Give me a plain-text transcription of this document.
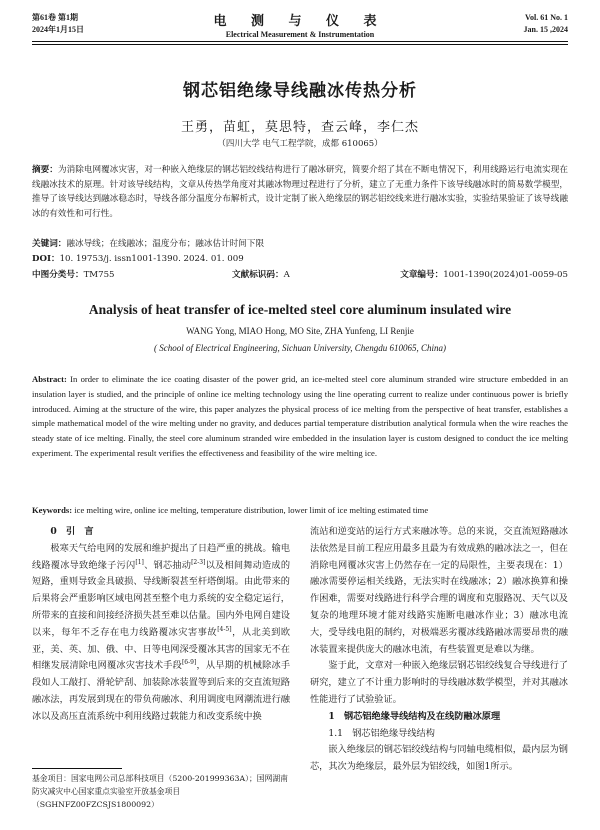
第61卷 第1期
2024年1月15日
电 测 与 仪 表
Electrical Measurement & Instrumentation
Vol. 61 No. 1
Jan. 15 ,2024
钢芯铝绝缘导线融冰传热分析
王勇，苗虹，莫思特，查云峰，李仁杰
（四川大学 电气工程学院，成都 610065）
摘要：为消除电网覆冰灾害，对一种嵌入绝缘层的钢芯铝绞线结构进行了融冰研究，简要介绍了其在不断电情况下，利用线路运行电流实现在线融冰技术的原理。针对该导线结构，文章从传热学角度对其融冰物理过程进行了分析，建立了无重力条件下该导线融冰时的简易数学模型，推导了该导线达到融冰稳态时，导线各部分温度分布解析式，设计定制了嵌入绝缘层的钢芯铝绞线来进行融冰实验，实验结果验证了该导线融冰的有效性和可行性。
关键词：融冰导线；在线融冰；温度分布；融冰估计时间下限
DOI：10. 19753/j. issn1001-1390. 2024. 01. 009
中图分类号：TM755	文献标识码：A	文章编号：1001-1390(2024)01-0059-05
Analysis of heat transfer of ice-melted steel core aluminum insulated wire
WANG Yong, MIAO Hong, MO Site, ZHA Yunfeng, LI Renjie
( School of Electrical Engineering, Sichuan University, Chengdu 610065, China)
Abstract: In order to eliminate the ice coating disaster of the power grid, an ice-melted steel core aluminum stranded wire structure embedded in an insulation layer is studied, and the principle of online ice melting technology using the line operating current to realize under continuous power is briefly introduced. Aiming at the structure of the wire, this paper analyzes the physical process of ice melting from the perspective of heat transfer, establishes a simple mathematical model of the wire melting under no gravity, and deduces partial temperature distribution analytical formula when the wire reaches the steady state of ice melting. Finally, the steel core aluminum stranded wire embedded in the insulation layer is custom designed to conduct the ice melting experiment. The experimental result verifies the effectiveness and feasibility of the wire melting ice.
Keywords: ice melting wire, online ice melting, temperature distribution, lower limit of ice melting estimated time

0　引　言

极寒天气给电网的发展和维护提出了日趋严重的挑战。输电线路覆冰导致绝缘子污闪[1]、钢芯抽动[2-3]以及相间舞动造成的短路，重则导致金具破损、导线断裂甚至杆塔倒塌。由此带来的后果将会严重影响区域电网甚至整个电力系统的安全稳定运行，所带来的直接和间接经济损失甚至难以估量。国内外电网自建设以来，每年不乏存在电力线路覆冰灾害事故[4-5]，从北美到欧亚，美、英、加、俄、中、日等电网深受覆冰其害的国家无不在相继发展清除电网覆冰灾害技术手段[6-9]，从早期的机械除冰手段如人工敲打、滑轮铲刮、加装除冰装置等到后来的交直流短路融冰法，再发展到现在的带负荷融冰、利用调度电网潮流进行融冰以及高压直流系统中利用线路过载能力和改变系统中换

流站和逆变站的运行方式来融冰等。总的来说，交直流短路融冰法依然是目前工程应用最多且最为有效成熟的融冰法之一，但在消除电网覆冰灾害上仍然存在一定的局限性，主要表现在：1）融冰需要停运相关线路，无法实时在线融冰；2）融冰换算和操作困难，需要对线路进行科学合理的调度和克服路况、天气以及复杂的地理环境才能对线路实施断电融冰作业；3）融冰电流大，受导线电阻的制约，对极端恶劣覆冰线路融冰需要昂贵的融冰装置来提供庞大的融冰电流，有些装置更是难以为继。

鉴于此，文章对一种嵌入绝缘层钢芯铝绞线复合导线进行了研究，建立了不计重力影响时的导线融冰数学模型，并对其融冰性能进行了试验验证。

1　钢芯铝绝缘导线结构及在线防融冰原理

1.1　钢芯铝绝缘导线结构

嵌入绝缘层的钢芯铝绞线结构与同轴电缆相似，最内层为钢芯，其次为绝缘层，最外层为铝绞线，如图1所示。

基金项目：国家电网公司总部科技项目（5200-201999363A）；国网湖南防灾减灾中心国家重点实验室开放基金项目（SGHNFZ00FZCSJS1800092）
